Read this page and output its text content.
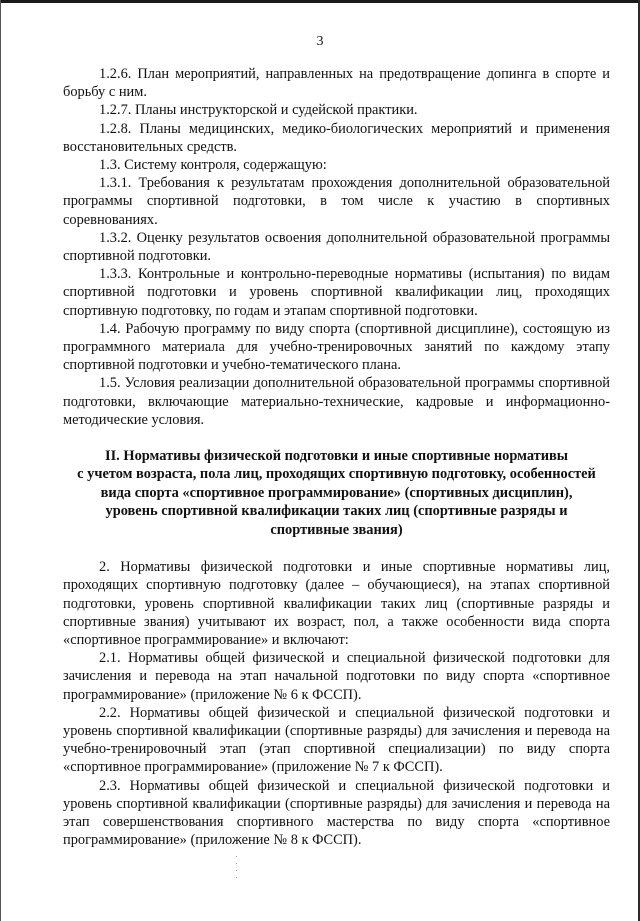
3

1.2.6. План мероприятий, направленных на предотвращение допинга в спорте и борьбу с ним.

1.2.7. Планы инструкторской и судейской практики.

1.2.8. Планы медицинских, медико-биологических мероприятий и применения восстановительных средств.

1.3. Систему контроля, содержащую:

1.3.1. Требования к результатам прохождения дополнительной образовательной программы спортивной подготовки, в том числе к участию в спортивных соревнованиях.

1.3.2. Оценку результатов освоения дополнительной образовательной программы спортивной подготовки.

1.3.3. Контрольные и контрольно-переводные нормативы (испытания) по видам спортивной подготовки и уровень спортивной квалификации лиц, проходящих спортивную подготовку, по годам и этапам спортивной подготовки.

1.4. Рабочую программу по виду спорта (спортивной дисциплине), состоящую из программного материала для учебно-тренировочных занятий по каждому этапу спортивной подготовки и учебно-тематического плана.

1.5. Условия реализации дополнительной образовательной программы спортивной подготовки, включающие материально-технические, кадровые и информационно-методические условия.

II. Нормативы физической подготовки и иные спортивные нормативы
с учетом возраста, пола лиц, проходящих спортивную подготовку, особенностей
вида спорта «спортивное программирование» (спортивных дисциплин),
уровень спортивной квалификации таких лиц (спортивные разряды и
спортивные звания)

2. Нормативы физической подготовки и иные спортивные нормативы лиц, проходящих спортивную подготовку (далее – обучающиеся), на этапах спортивной подготовки, уровень спортивной квалификации таких лиц (спортивные разряды и спортивные звания) учитывают их возраст, пол, а также особенности вида спорта «спортивное программирование» и включают:

2.1. Нормативы общей физической и специальной физической подготовки для зачисления и перевода на этап начальной подготовки по виду спорта «спортивное программирование» (приложение № 6 к ФССП).

2.2. Нормативы общей физической и специальной физической подготовки и уровень спортивной квалификации (спортивные разряды) для зачисления и перевода на учебно-тренировочный этап (этап спортивной специализации) по виду спорта «спортивное программирование» (приложение № 7 к ФССП).

2.3. Нормативы общей физической и специальной физической подготовки и уровень спортивной квалификации (спортивные разряды) для зачисления и перевода на этап совершенствования спортивного мастерства по виду спорта «спортивное программирование» (приложение № 8 к ФССП).
